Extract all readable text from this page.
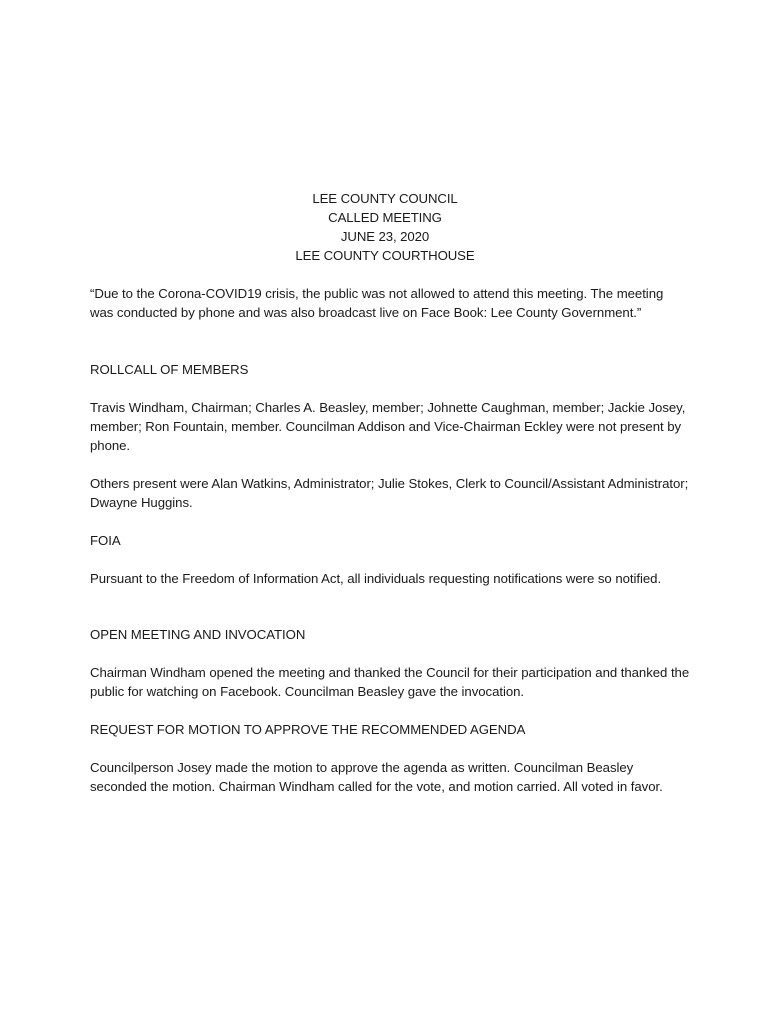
LEE COUNTY COUNCIL
CALLED MEETING
JUNE 23, 2020
LEE COUNTY COURTHOUSE

“Due to the Corona-COVID19 crisis, the public was not allowed to attend this meeting. The meeting was conducted by phone and was also broadcast live on Face Book: Lee County Government.”

ROLLCALL OF MEMBERS

Travis Windham, Chairman; Charles A. Beasley, member; Johnette Caughman, member; Jackie Josey, member; Ron Fountain, member. Councilman Addison and Vice-Chairman Eckley were not present by phone.

Others present were Alan Watkins, Administrator; Julie Stokes, Clerk to Council/Assistant Administrator; Dwayne Huggins.

FOIA

Pursuant to the Freedom of Information Act, all individuals requesting notifications were so notified.

OPEN MEETING AND INVOCATION

Chairman Windham opened the meeting and thanked the Council for their participation and thanked the public for watching on Facebook. Councilman Beasley gave the invocation.

REQUEST FOR MOTION TO APPROVE THE RECOMMENDED AGENDA

Councilperson Josey made the motion to approve the agenda as written. Councilman Beasley seconded the motion. Chairman Windham called for the vote, and motion carried. All voted in favor.
